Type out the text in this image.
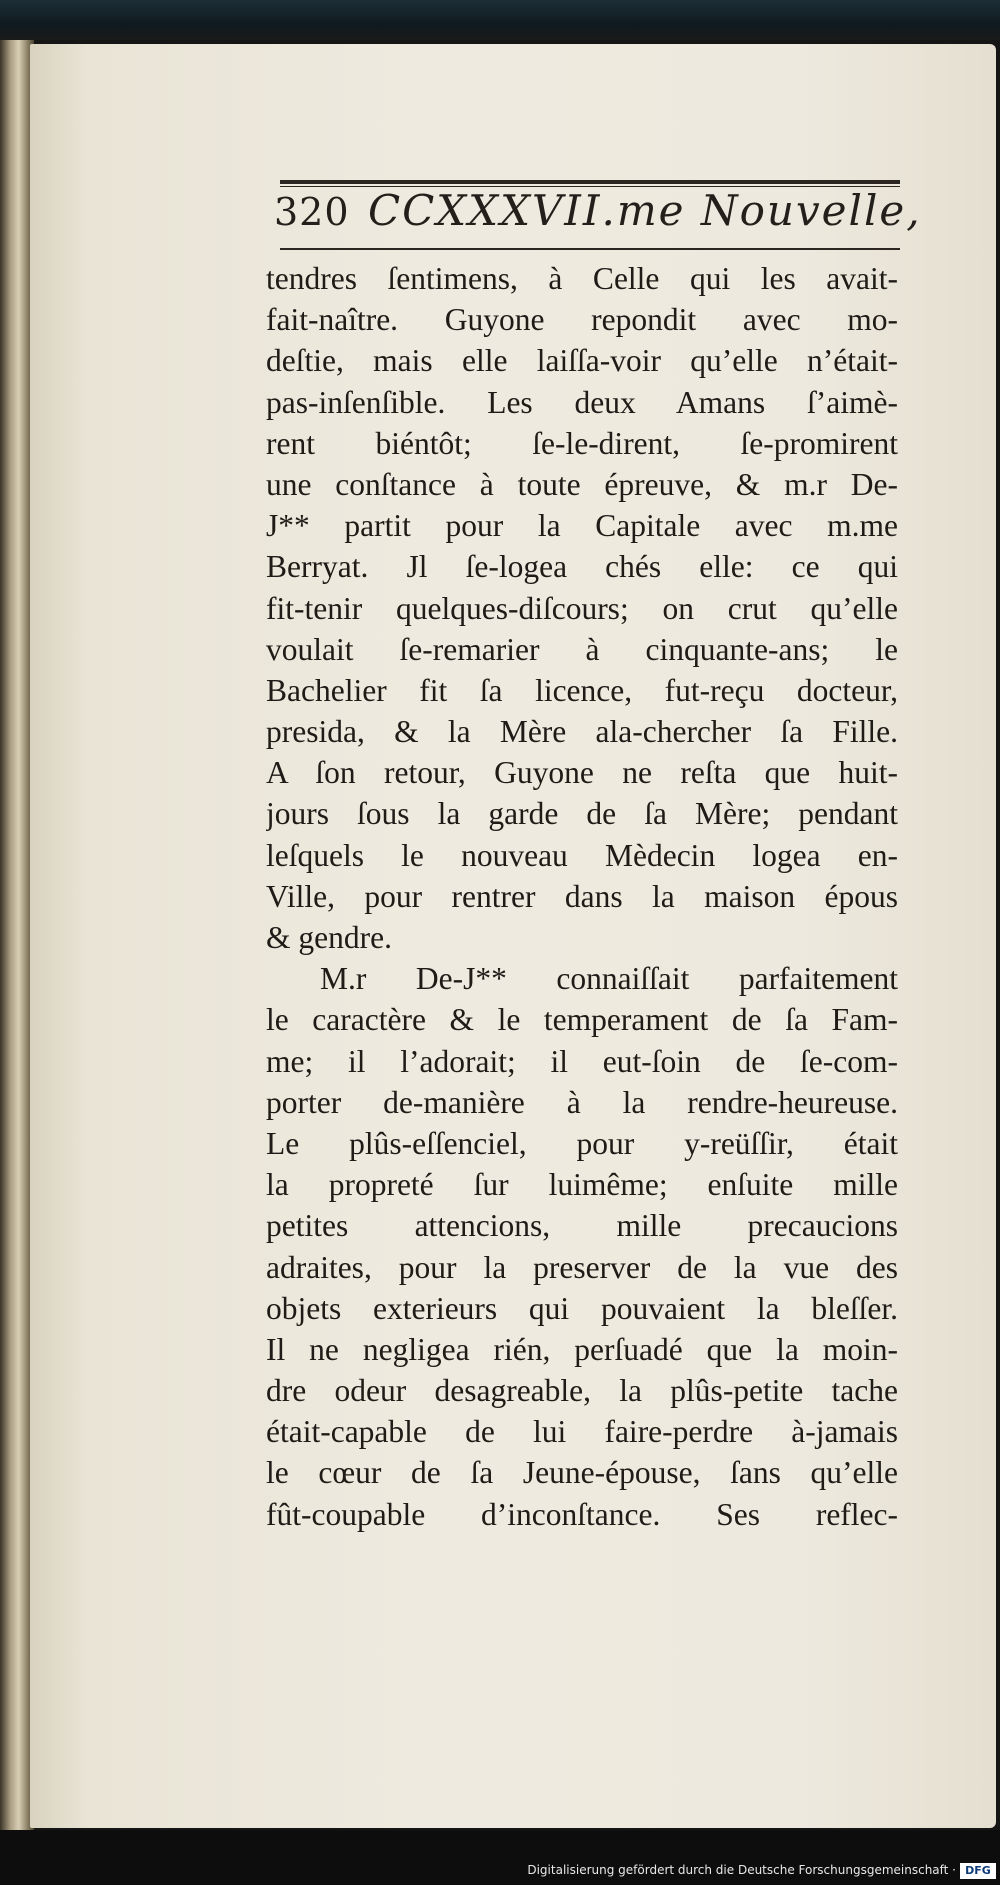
320 CCXXXVII.me Nouvelle,
tendres ſentimens, à Celle qui les avait-
fait-naître. Guyone repondit avec mo-
deſtie, mais elle laiſſa-voir qu’elle n’était-
pas-inſenſible. Les deux Amans ſ’aimè-
rent biéntôt; ſe-le-dirent, ſe-promirent
une conſtance à toute épreuve, & m.r De-
J** partit pour la Capitale avec m.me
Berryat. Jl ſe-logea chés elle: ce qui
fit-tenir quelques-diſcours; on crut qu’elle
voulait ſe-remarier à cinquante-ans; le
Bachelier fit ſa licence, fut-reçu docteur,
presida, & la Mère ala-chercher ſa Fille.
A ſon retour, Guyone ne reſta que huit-
jours ſous la garde de ſa Mère; pendant
leſquels le nouveau Mèdecin logea en-
Ville, pour rentrer dans la maison épous
& gendre.
M.r De-J** connaiſſait parfaitement
le caractère & le temperament de ſa Fam-
me; il l’adorait; il eut-ſoin de ſe-com-
porter de-manière à la rendre-heureuse.
Le plûs-eſſenciel, pour y-reüſſir, était
la propreté ſur luimême; enſuite mille
petites attencions, mille precaucions
adraites, pour la preserver de la vue des
objets exterieurs qui pouvaient la bleſſer.
Il ne negligea rién, perſuadé que la moin-
dre odeur desagreable, la plûs-petite tache
était-capable de lui faire-perdre à-jamais
le cœur de ſa Jeune-épouse, ſans qu’elle
fût-coupable d’inconſtance. Ses reflec-
Digitalisierung gefördert durch die Deutsche Forschungsgemeinschaft · DFG
